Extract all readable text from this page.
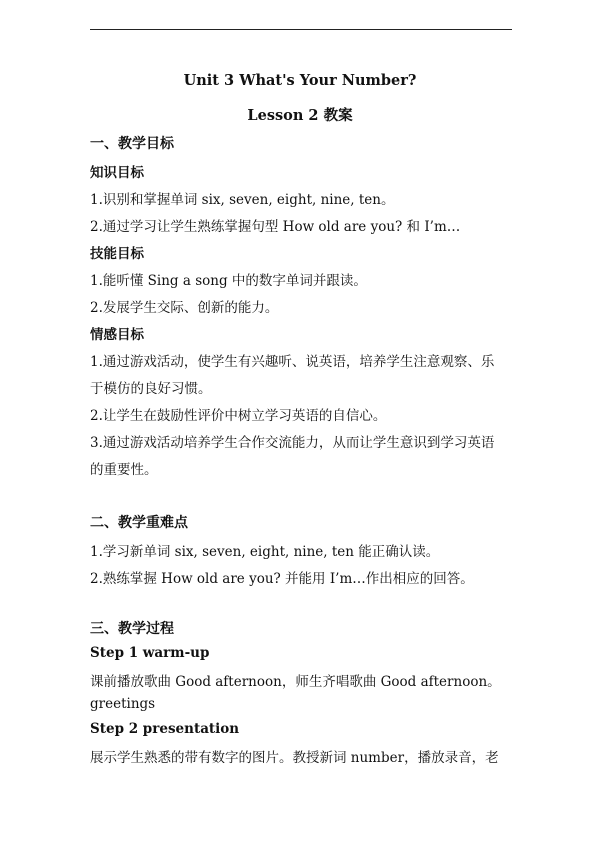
Unit 3 What's Your Number?
Lesson 2 教案
一、教学目标
知识目标
1.识别和掌握单词 six, seven, eight, nine, ten。
2.通过学习让学生熟练掌握句型 How old are you? 和 I’m…
技能目标
1.能听懂 Sing a song 中的数字单词并跟读。
2.发展学生交际、创新的能力。
情感目标
1.通过游戏活动，使学生有兴趣听、说英语，培养学生注意观察、乐
于模仿的良好习惯。
2.让学生在鼓励性评价中树立学习英语的自信心。
3.通过游戏活动培养学生合作交流能力，从而让学生意识到学习英语
的重要性。
二、教学重难点
1.学习新单词 six, seven, eight, nine, ten 能正确认读。
2.熟练掌握 How old are you? 并能用 I’m…作出相应的回答。
三、教学过程
Step 1 warm-up
课前播放歌曲 Good afternoon，师生齐唱歌曲 Good afternoon。
greetings
Step 2 presentation
展示学生熟悉的带有数字的图片。教授新词 number，播放录音，老
